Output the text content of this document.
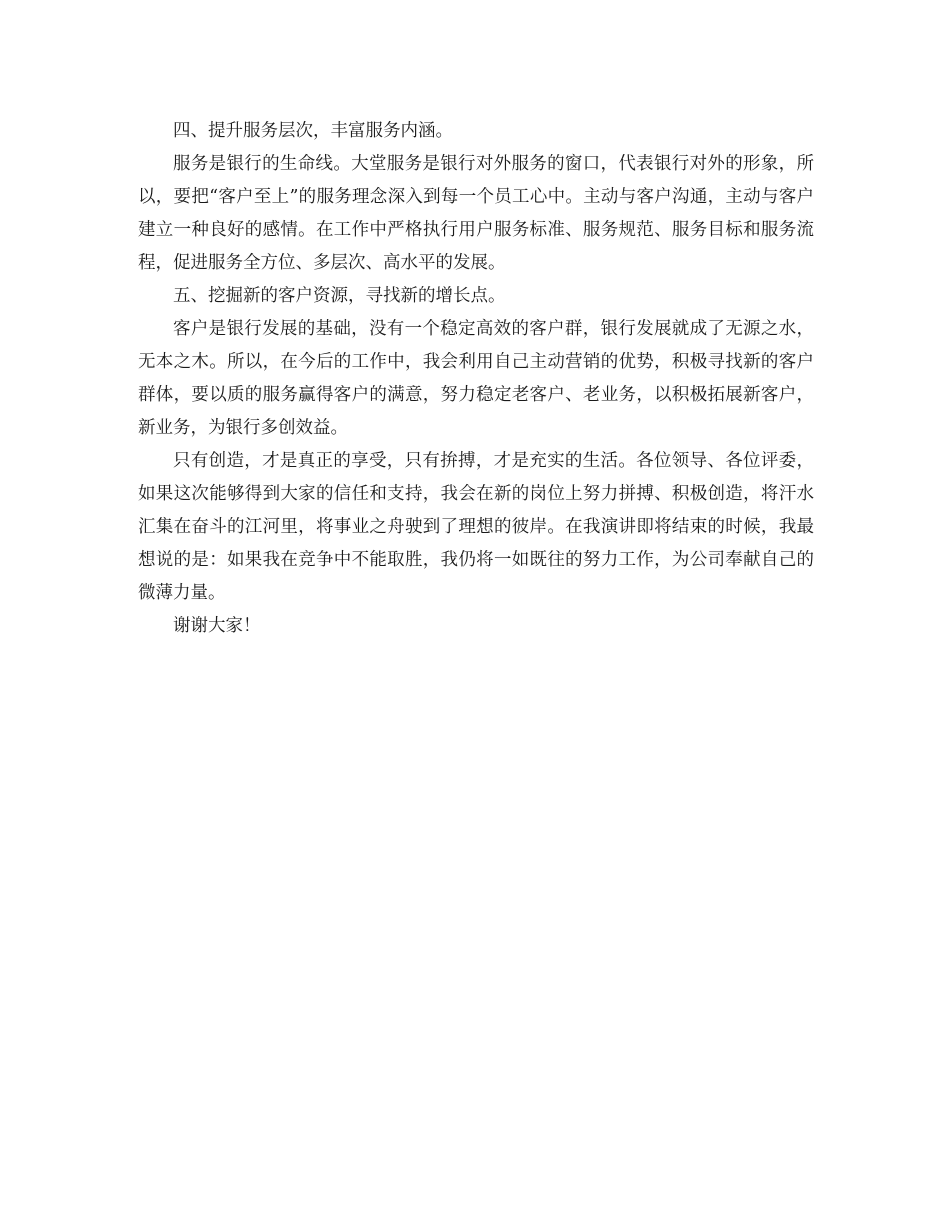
四、提升服务层次，丰富服务内涵。

服务是银行的生命线。大堂服务是银行对外服务的窗口，代表银行对外的形象，所以，要把“客户至上”的服务理念深入到每一个员工心中。主动与客户沟通，主动与客户建立一种良好的感情。在工作中严格执行用户服务标准、服务规范、服务目标和服务流程，促进服务全方位、多层次、高水平的发展。

五、挖掘新的客户资源，寻找新的增长点。

客户是银行发展的基础，没有一个稳定高效的客户群，银行发展就成了无源之水，无本之木。所以，在今后的工作中，我会利用自己主动营销的优势，积极寻找新的客户群体，要以质的服务赢得客户的满意，努力稳定老客户、老业务，以积极拓展新客户，新业务，为银行多创效益。

只有创造，才是真正的享受，只有拚搏，才是充实的生活。各位领导、各位评委，如果这次能够得到大家的信任和支持，我会在新的岗位上努力拼搏、积极创造，将汗水汇集在奋斗的江河里，将事业之舟驶到了理想的彼岸。在我演讲即将结束的时候，我最想说的是：如果我在竞争中不能取胜，我仍将一如既往的努力工作，为公司奉献自己的微薄力量。

谢谢大家！
